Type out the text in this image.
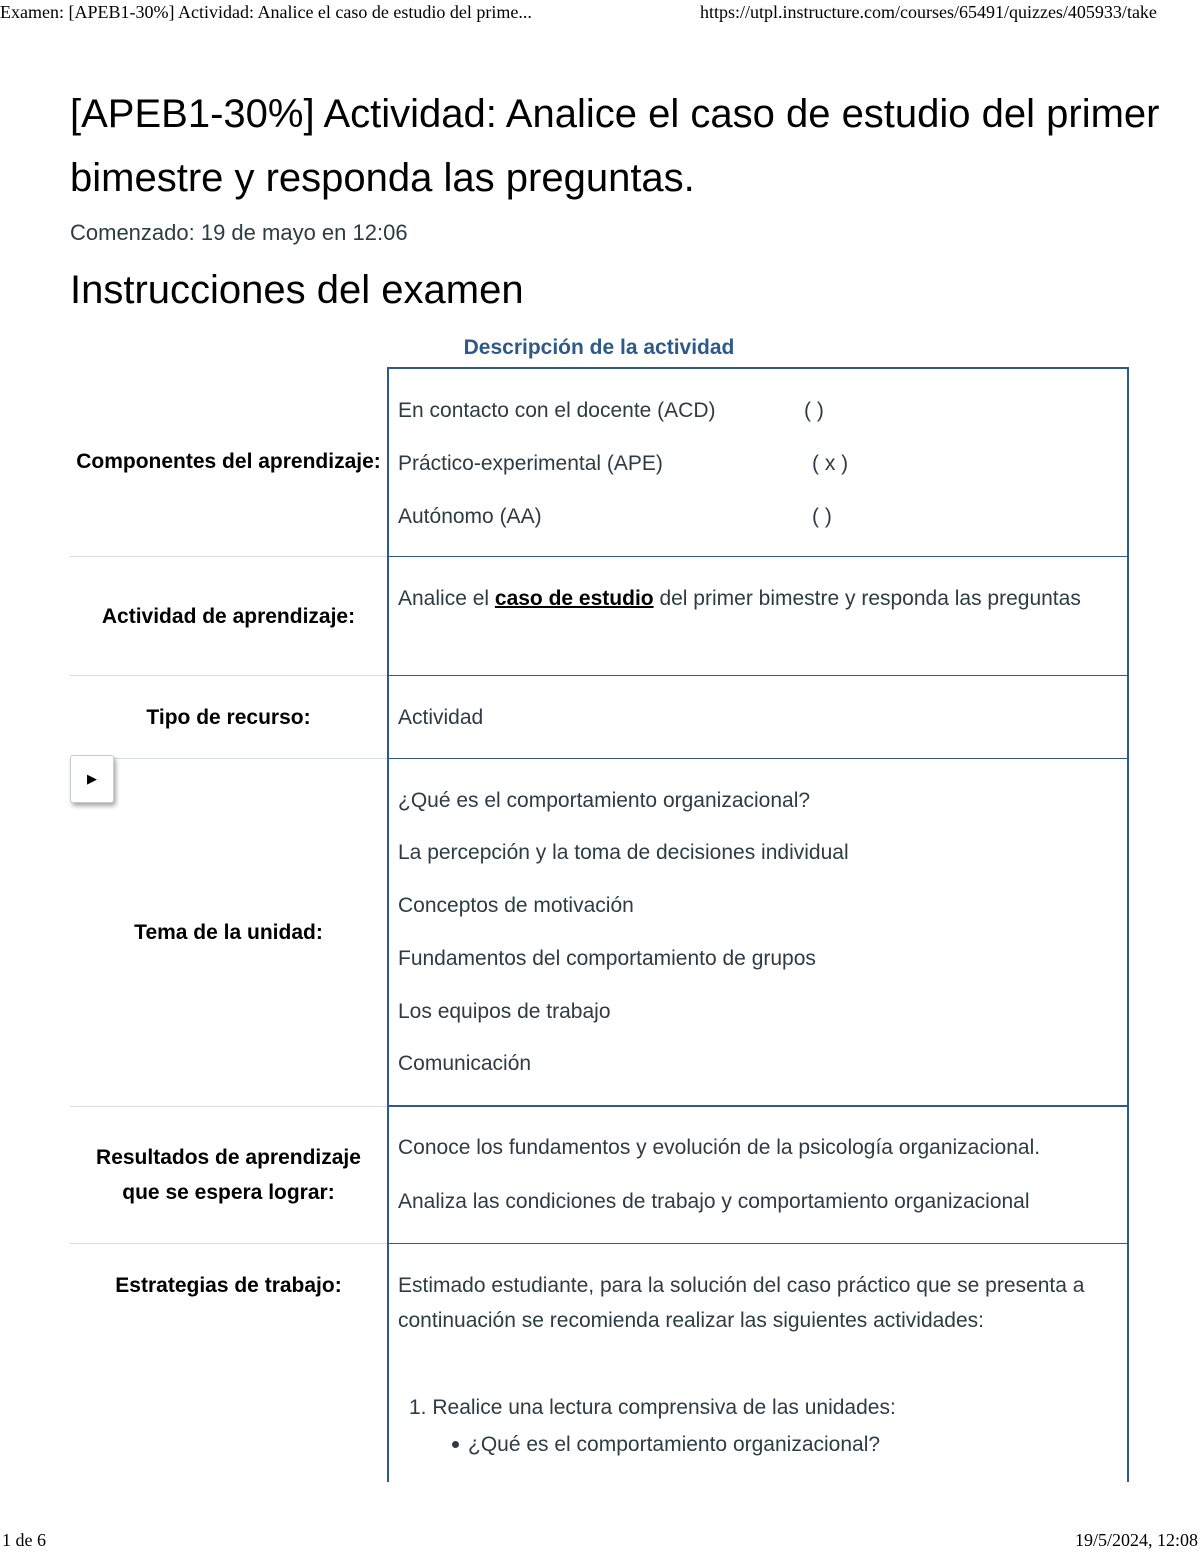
Examen: [APEB1-30%] Actividad: Analice el caso de estudio del prime...	https://utpl.instructure.com/courses/65491/quizzes/405933/take
[APEB1-30%] Actividad: Analice el caso de estudio del primer bimestre y responda las preguntas.
Comenzado: 19 de mayo en 12:06
Instrucciones del examen
Descripción de la actividad
Componentes del aprendizaje:
En contacto con el docente (ACD)	( )
Práctico-experimental (APE)	( x )
Autónomo (AA)	( )
Actividad de aprendizaje:
Analice el caso de estudio del primer bimestre y responda las preguntas
Tipo de recurso:	Actividad
Tema de la unidad:
¿Qué es el comportamiento organizacional?
La percepción y la toma de decisiones individual
Conceptos de motivación
Fundamentos del comportamiento de grupos
Los equipos de trabajo
Comunicación
Resultados de aprendizaje que se espera lograr:
Conoce los fundamentos y evolución de la psicología organizacional.
Analiza las condiciones de trabajo y comportamiento organizacional
Estrategias de trabajo:	Estimado estudiante, para la solución del caso práctico que se presenta a continuación se recomienda realizar las siguientes actividades:
1. Realice una lectura comprensiva de las unidades:
¿Qué es el comportamiento organizacional?
▶
1 de 6	19/5/2024, 12:08
